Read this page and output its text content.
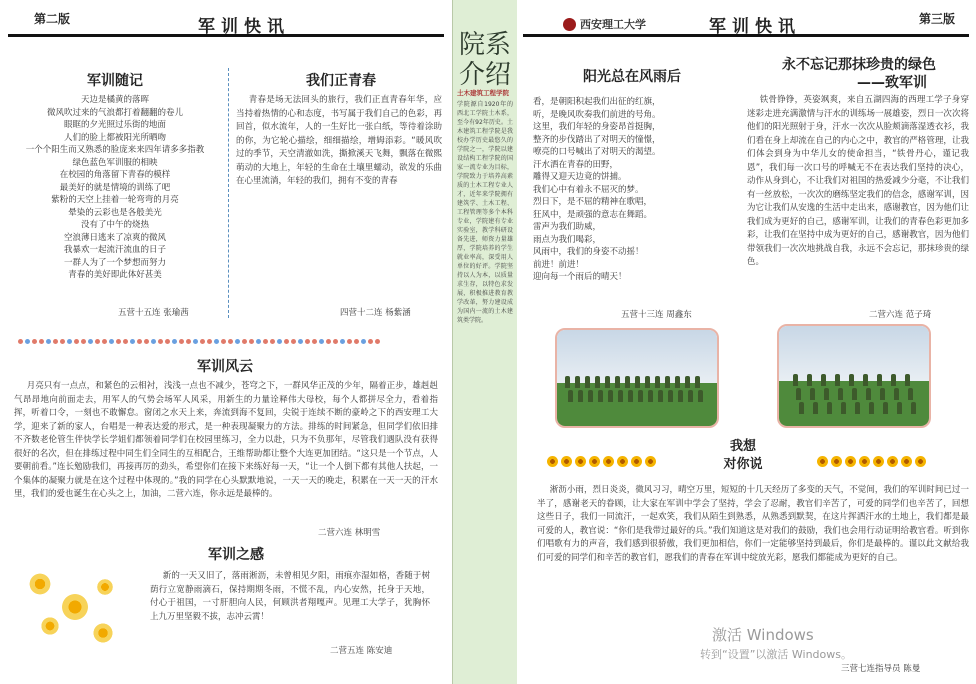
第二版	军训快讯
军训随记
天边是橘黄的落晖
微风吹过来的气浪都打着翻翻的卷儿
眼眶的夕光照过乐街的地面
人们的脸上都被阳光所晒吻
一个个阳生而又熟悉的脸庞来来四年请多多指教
绿色蓝色军训服的相映
在校园的角落留下青春的模样
最美好的就是情境的训练了吧
紫粉的天空上挂着一轮弯弯的月亮
晕染的云彩也是各般美光
没有了中午的烧热
空浪薄日逃来了凉爽的微风
我暴欢一起流汗流血的日子
一群人为了一个梦想而努力
青春的美好即此体好甚美
五营十五连 张瑜茜
我们正青春
青春是场无法回头的旅行，我们正直青春年华，应当持着热情的心和态度，书写属于我们自己的色彩，再回首，似水流年，人的一生好比一张白纸，等待着涂助的你，为它轮心描绘，细细描绘，增姆添彩。“暖风吹过的季节，天空清澈如洗，撕掀溪天飞舞，飘落在微熙萌动的大地上，年轻的生命在土壤里蠕动，欲发的乐曲在心里流淌，年轻的我们，拥有不变的青春
四营十二连 杨紫涵
军训风云
月亮只有一点点，和紧色的云相衬，浅浅一点也不减少，苍穹之下，一群风华正茂的少年，隔着正步，雄赳赳气昂昂地向前面走去，用军人的气势会场军人风采，用新生的力量诠释伟大母校，每个人都拼尽全力，看着指挥，听着口令，一刻也不敢懈怠。窗闭之水天上来，奔流到海不复回，尖锐于连续不断的豪岭之下的西安理工大学，迎来了新的家人，台唱是一种表达爱的形式，是一种表现凝聚力的方法。排练的时间紧急，但同学们依旧排不齐数老伦管生伴快学长学姐们都领着同学们在校园里练习，全力以赴，只为不负那年，尽管我们遇队没有获得很好的名次，但在排练过程中同生们全同生的互相配合，王维帮助都让整个大连更加团结。“这只是一个节点，人要朝前看。”连长勉励我们，再接再厉的劲头，希望你们在接下来练好每一天，“让一个人倒下都有其他人扶起，一个集体的凝聚力就是在这个过程中体现的。”我的同学在心头默默地说，一天一天的晚走，积累在一天一天的汗水里，我们的爱也诞生在心头之上，加油，二营六连，你永远是最棒的。
二营六连 林明雪
军训之感
新的一天又旧了，落雨淅沥，未曾相见夕阳，雨痕亦湿如格，香随于树荫行立宽静雨滴石，保持期期冬雨，不慌不乱，内心安然，托身于天地，付心于祖国，一寸肝胆向人民，何顾洪者翔嘎声。见理工大学子，犹胸怀上九万里坚毅不拔，志冲云霄！
二营五连 陈安迪
院系介绍
土木建筑工程学院
学院源自1920年的西北工学院土木系，至今有92年历史。土木建筑工程学院是我校办学历史最悠久的学院之一，学院以建设结构工程学院的国家一流专业为目标，学院致力于培养高素质的土木工程专业人才，近年来学院拥有建筑学、土木工程、工程管理等多个本科专业，学院建有专业实验室，教学科研设备先进，师资力量雄厚，学院培养的学生就业率高，深受用人单位的好评。学院坚持以人为本，以质量求生存，以特色求发展，积极推进教育教学改革，努力建设成为国内一流的土木建筑类学院。
西安理工大学	军训快讯	第三版
阳光总在风雨后
看，是朝阳积起我们出征的红旗，
听，是晚风吹奏我们前进的号角。
这里，我们年轻的身姿昂首挺胸，
整齐的步伐踏出了对明天的憧憬，
嘹亮的口号喊出了对明天的渴望。
汗水洒在青春的田野，
雕得又迎天边竟的饼捕。
我们心中有着永不屈灭的梦。
烈日下，是不屈的精神在歌唱，
狂风中，是顽强的意志在舞蹈。
雷声为我们助威，
雨点为我们喝彩，
风雨中，我们的身姿不动摇！
前进！前进！
迎向每一个雨后的晴天！
五营十三连 周鑫东
永不忘记那抹珍贵的绿色
——致军训
铁骨铮铮，英姿飒爽，来自五湖四海的西理工学子身穿迷彩走进充满激情与汗水的训练场一展雄姿，烈日一次次将他们的阳光照射于身，汗水一次次从脸颊滴落湿透衣衫，我们看在身上却流在自己的内心之中，教官的严格管理，让我们体会到身为中华儿女的使命担当，“铁骨丹心，谨记我恩”，我们每一次口号的呼喊无不在表达我们坚持的决心，动作从身到心，不让我们对祖国的热爱减少分毫，不让我们有一丝放松，一次次的磨练坚定我们的信念，感谢军训，因为它让我们从安逸的生活中走出来，感谢教官，因为他们让我们成为更好的自己，感谢军训，让我们的青春色彩更加多彩，让我们在坚持中成为更好的自己，感谢教官，因为他们带领我们一次次地挑战自我，永远不会忘记，那抹珍贵的绿色。
二营六连 范子琦
我想
对你说
淅沥小雨，烈日炎炎，微风习习，晴空万里，短短的十几天经历了多变的天气，不觉间，我们的军训时间已过一半了，感谢老天的眷顾，让大家在军训中学会了坚持，学会了忍耐，教官们辛苦了，可爱的同学们也辛苦了，回想这些日子，我们一同流汗，一起欢笑，我们从陌生到熟悉，从熟悉到默契，在这片挥洒汗水的土地上，我们都是最可爱的人，教官说：“你们是我带过最好的兵。”我们知道这是对我们的鼓励，我们也会用行动证明给教官看。听到你们唱歌有力的声音，我们感到很骄傲，我们更加相信，你们一定能够坚持到最后，你们是最棒的。谨以此文献给我们可爱的同学们和辛苦的教官们，愿我们的青春在军训中绽放光彩，愿我们都能成为更好的自己。
三营七连指导员 陈曼
激活 Windows
转到“设置”以激活 Windows。
